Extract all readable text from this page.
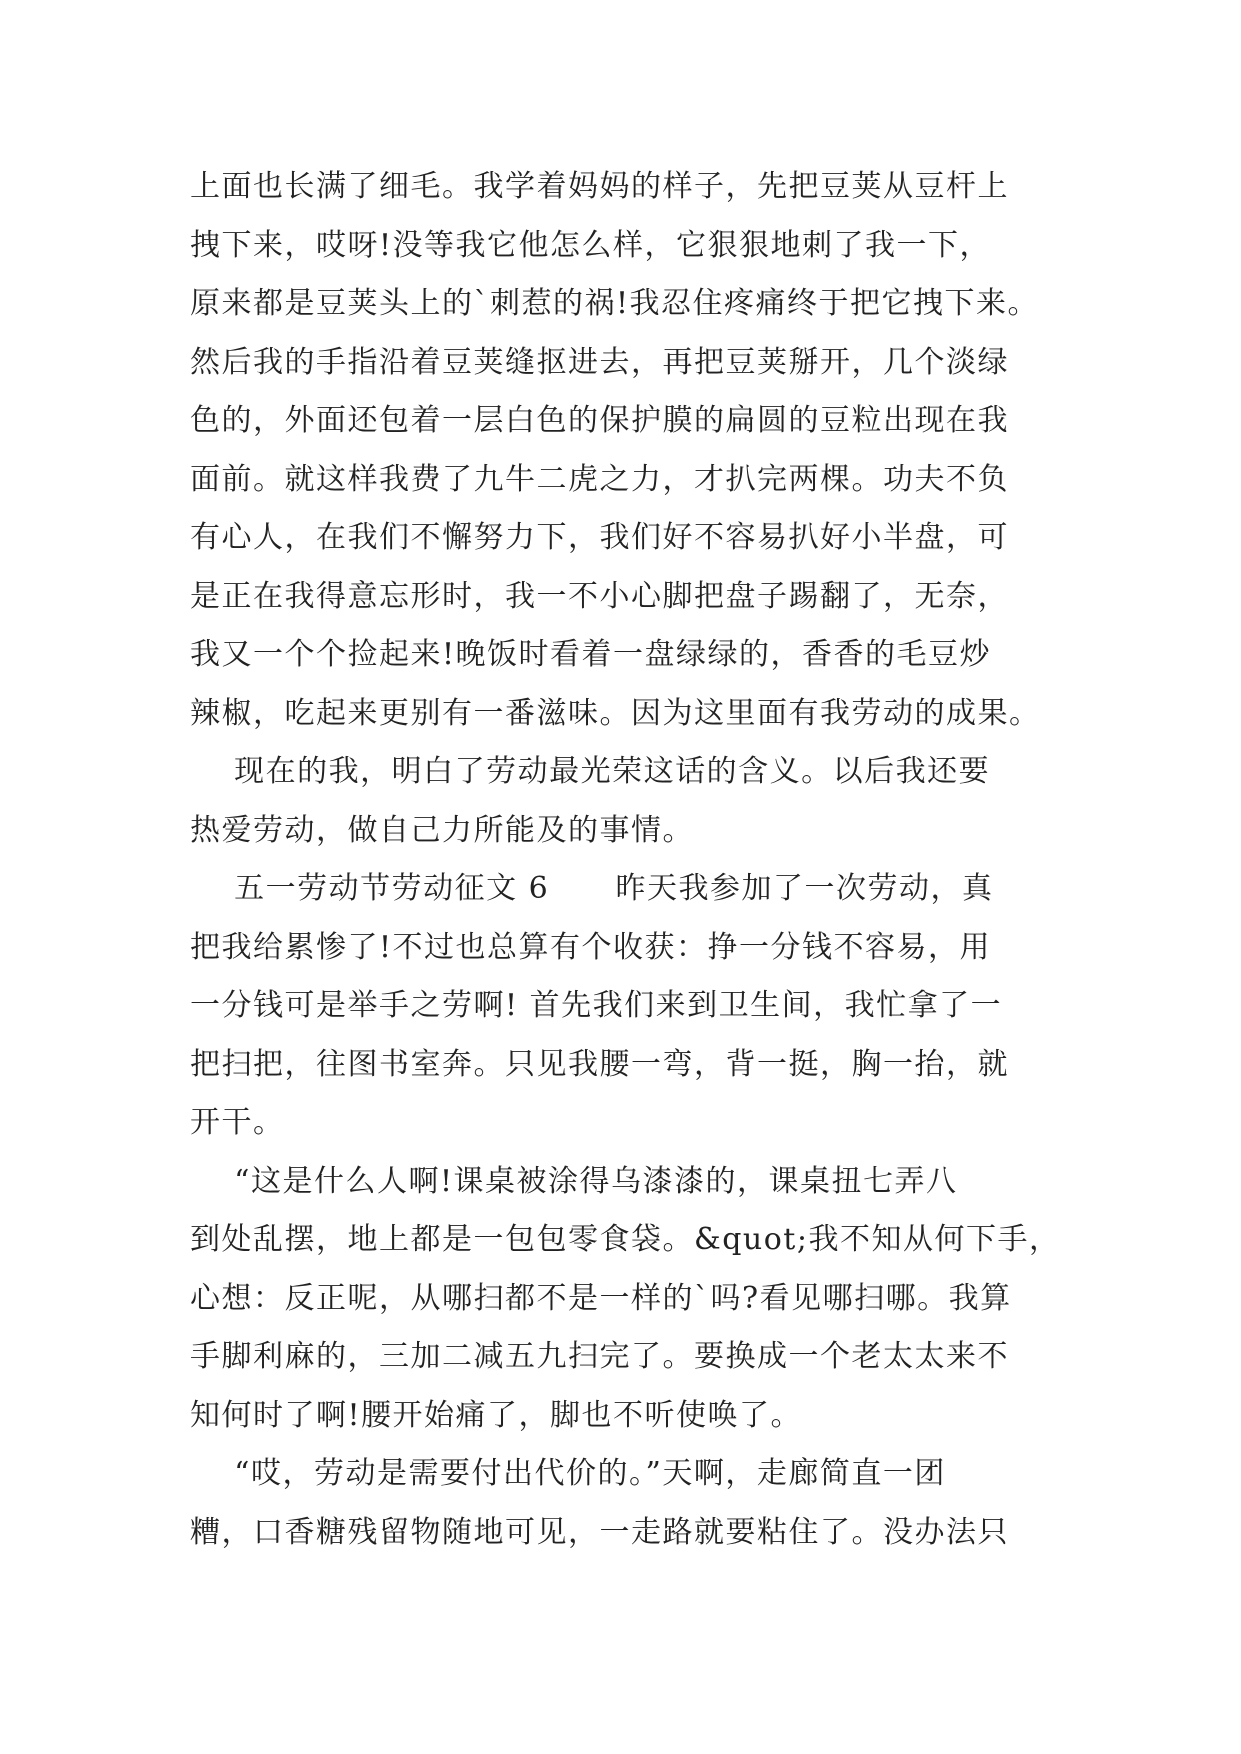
上面也长满了细毛。我学着妈妈的样子，先把豆荚从豆杆上
拽下来，哎呀!没等我它他怎么样，它狠狠地刺了我一下，
原来都是豆荚头上的`刺惹的祸!我忍住疼痛终于把它拽下来。
然后我的手指沿着豆荚缝抠进去，再把豆荚掰开，几个淡绿
色的，外面还包着一层白色的保护膜的扁圆的豆粒出现在我
面前。就这样我费了九牛二虎之力，才扒完两棵。功夫不负
有心人，在我们不懈努力下，我们好不容易扒好小半盘，可
是正在我得意忘形时，我一不小心脚把盘子踢翻了，无奈，
我又一个个捡起来!晚饭时看着一盘绿绿的，香香的毛豆炒
辣椒，吃起来更别有一番滋味。因为这里面有我劳动的成果。
现在的我，明白了劳动最光荣这话的含义。以后我还要
热爱劳动，做自己力所能及的事情。
五一劳动节劳动征文 6      昨天我参加了一次劳动，真
把我给累惨了!不过也总算有个收获：挣一分钱不容易，用
一分钱可是举手之劳啊! 首先我们来到卫生间，我忙拿了一
把扫把，往图书室奔。只见我腰一弯，背一挺，胸一抬，就
开干。
“这是什么人啊!课桌被涂得乌漆漆的，课桌扭七弄八
到处乱摆，地上都是一包包零食袋。&quot;我不知从何下手，
心想：反正呢，从哪扫都不是一样的`吗?看见哪扫哪。我算
手脚利麻的，三加二减五九扫完了。要换成一个老太太来不
知何时了啊!腰开始痛了，脚也不听使唤了。
“哎，劳动是需要付出代价的。”天啊，走廊简直一团
糟，口香糖残留物随地可见，一走路就要粘住了。没办法只
